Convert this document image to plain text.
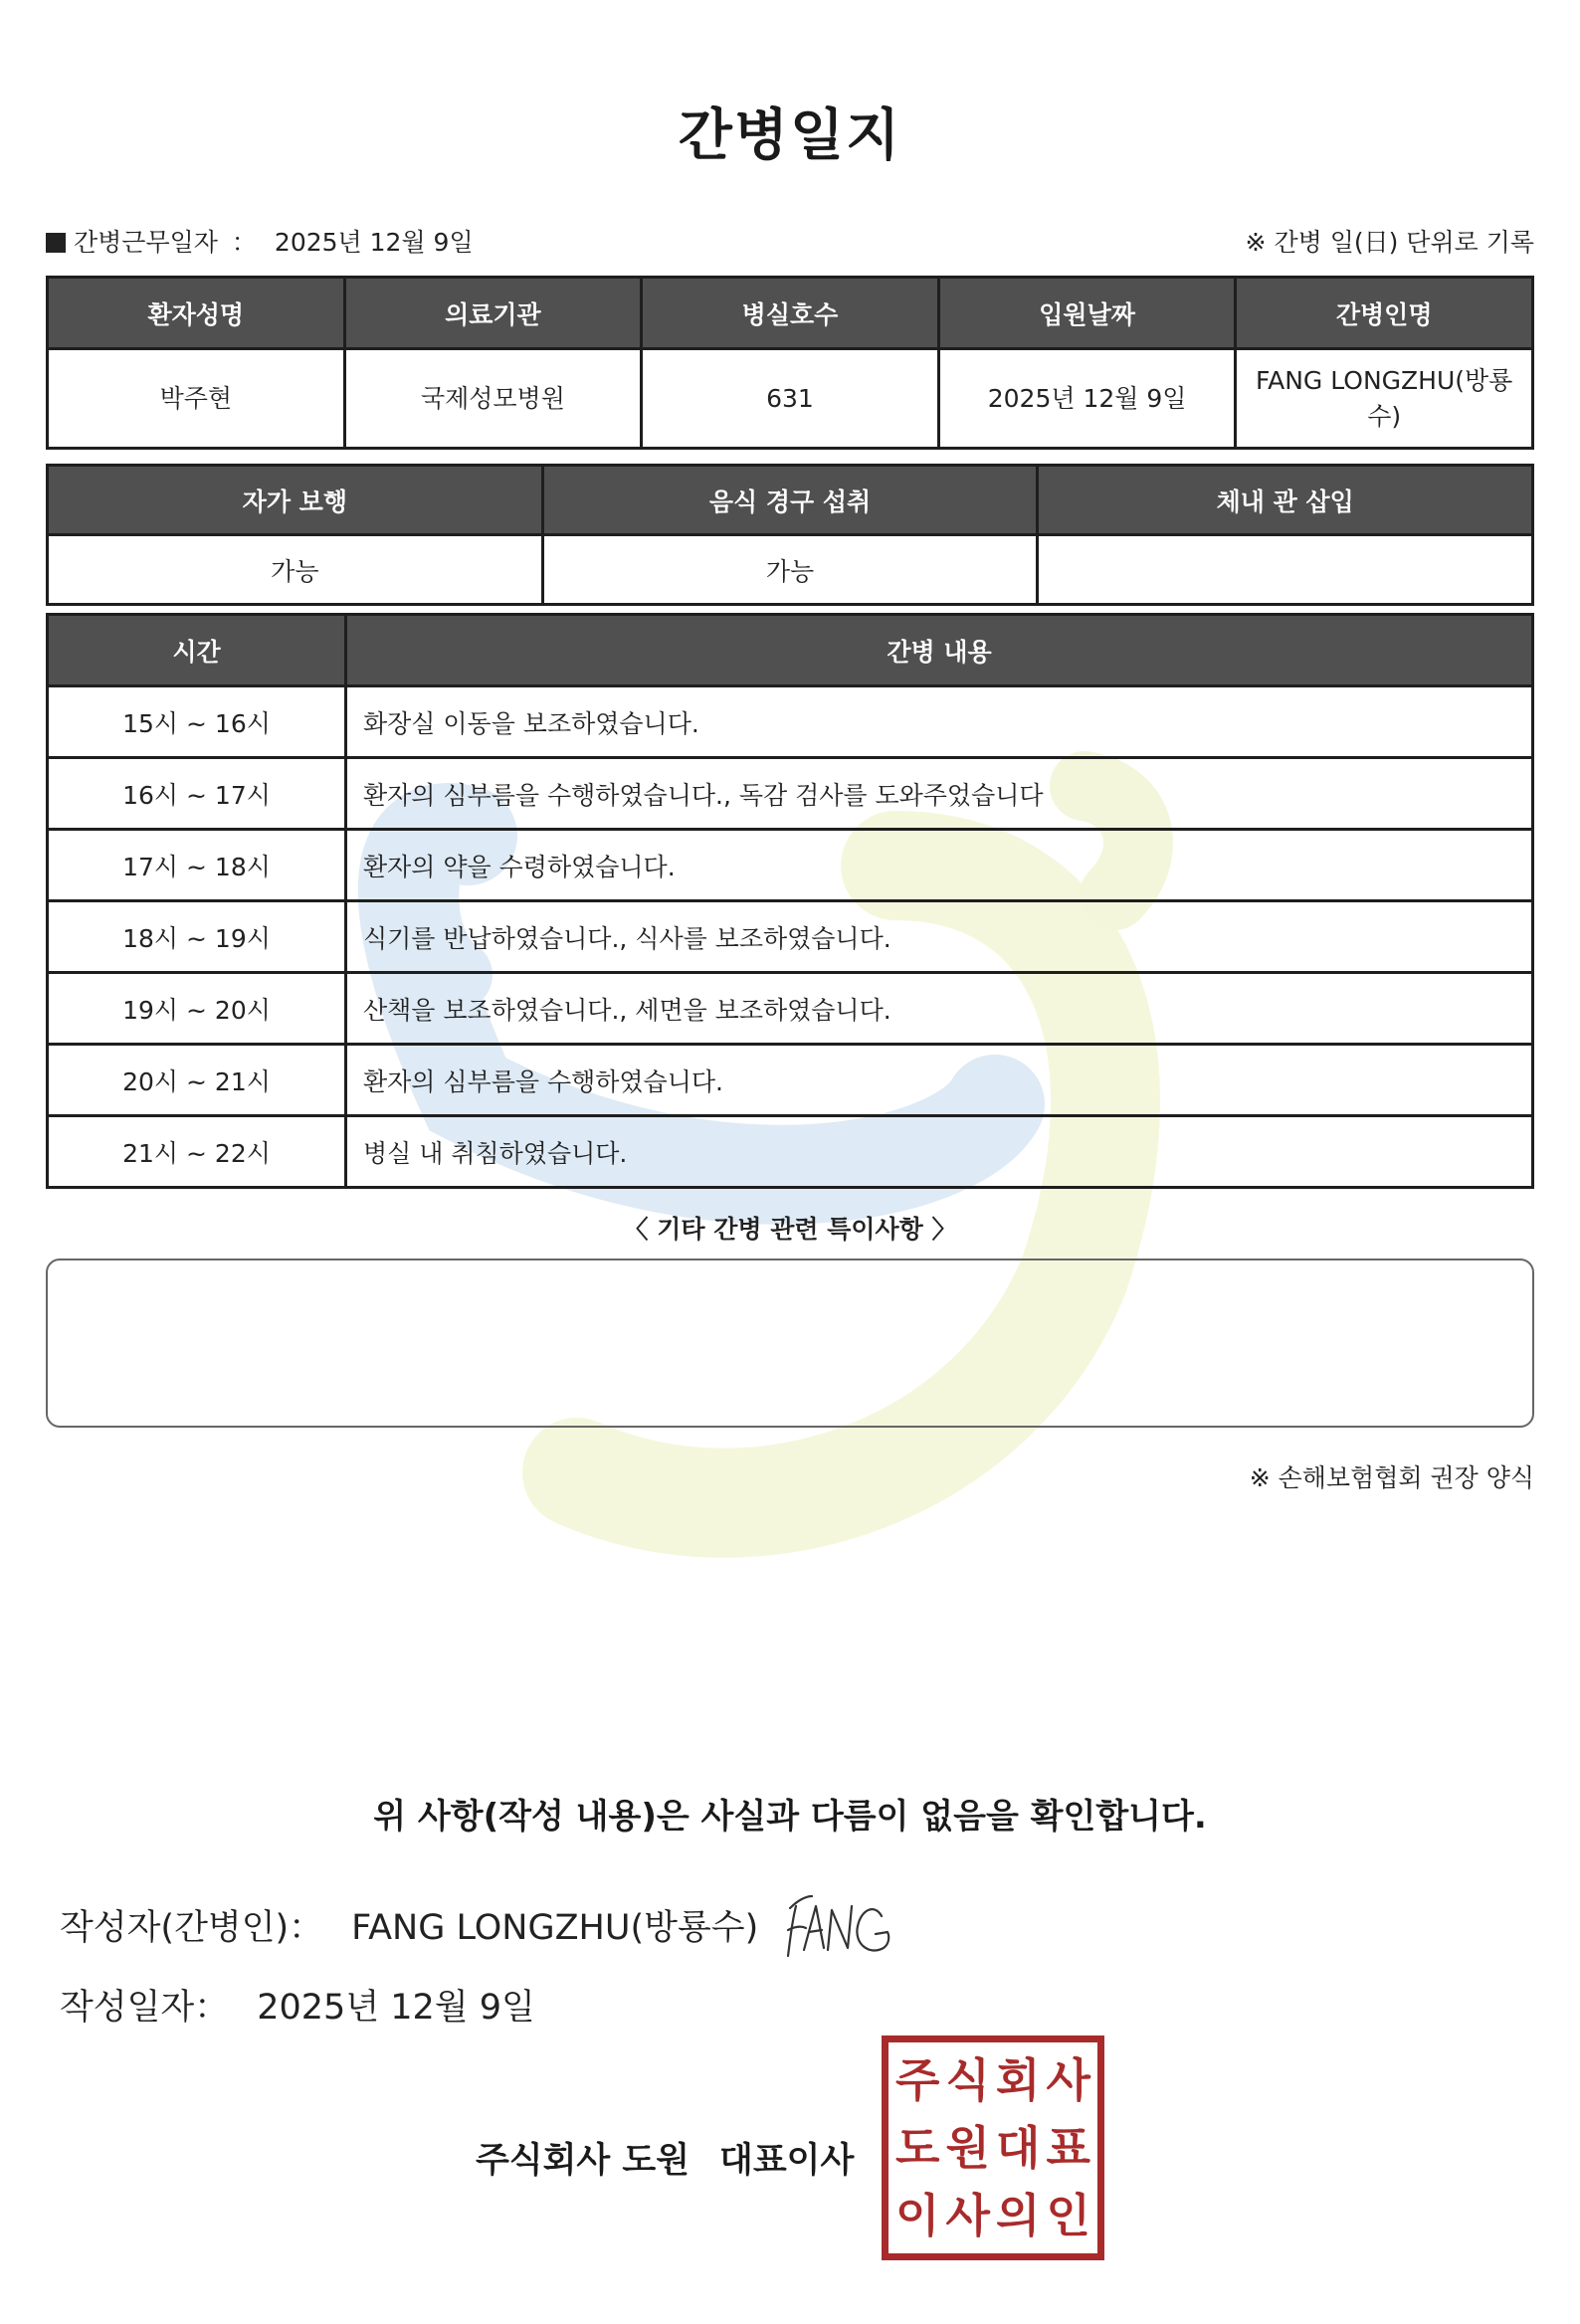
간병일지
간병근무일자 ： 2025년 12월 9일	※ 간병 일(日) 단위로 기록
환자성명	의료기관	병실호수	입원날짜	간병인명
박주현	국제성모병원	631	2025년 12월 9일	FANG LONGZHU(방룡수)
자가 보행	음식 경구 섭취	체내 관 삽입
가능	가능	
시간	간병 내용
15시 ~ 16시	화장실 이동을 보조하였습니다.
16시 ~ 17시	환자의 심부름을 수행하였습니다., 독감 검사를 도와주었습니다
17시 ~ 18시	환자의 약을 수령하였습니다.
18시 ~ 19시	식기를 반납하였습니다., 식사를 보조하였습니다.
19시 ~ 20시	산책을 보조하였습니다., 세면을 보조하였습니다.
20시 ~ 21시	환자의 심부름을 수행하였습니다.
21시 ~ 22시	병실 내 취침하였습니다.
〈 기타 간병 관련 특이사항 〉
※ 손해보험협회 권장 양식
위 사항(작성 내용)은 사실과 다름이 없음을 확인합니다.
작성자(간병인)： FANG LONGZHU(방룡수)
작성일자： 2025년 12월 9일
주식회사 도원 대표이사
주 식 회 사
도 원 대 표
이 사 의 인
